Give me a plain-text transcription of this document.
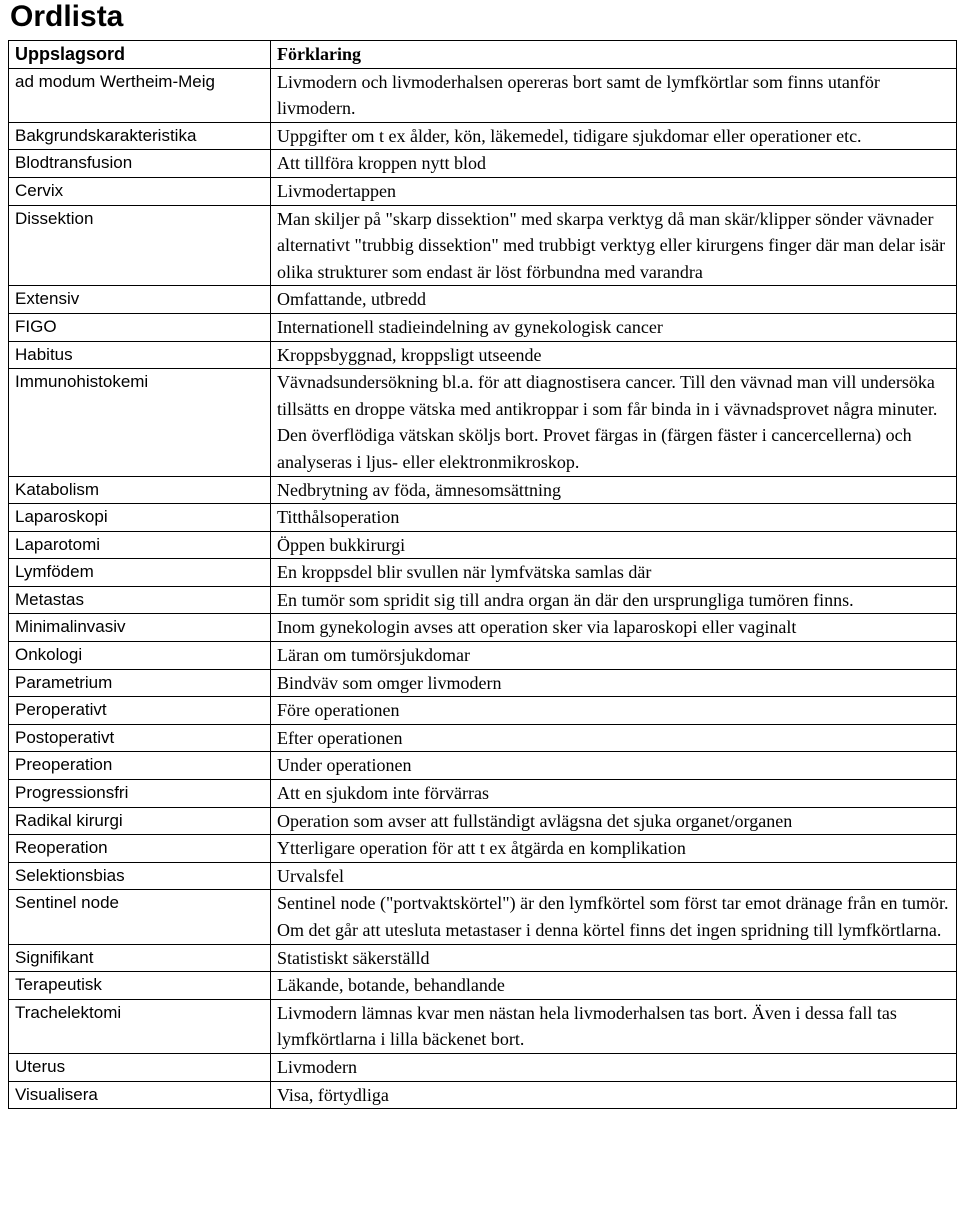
Ordlista
Uppslagsord	Förklaring
ad modum Wertheim-Meig	Livmodern och livmoderhalsen opereras bort samt de lymfkörtlar som finns utanför livmodern.
Bakgrundskarakteristika	Uppgifter om t ex ålder, kön, läkemedel, tidigare sjukdomar eller operationer etc.
Blodtransfusion	Att tillföra kroppen nytt blod
Cervix	Livmodertappen
Dissektion	Man skiljer på "skarp dissektion" med skarpa verktyg då man skär/klipper sönder vävnader alternativt "trubbig dissektion" med trubbigt verktyg eller kirurgens finger där man delar isär olika strukturer som endast är löst förbundna med varandra
Extensiv	Omfattande, utbredd
FIGO	Internationell stadieindelning av gynekologisk cancer
Habitus	Kroppsbyggnad, kroppsligt utseende
Immunohistokemi	Vävnadsundersökning bl.a. för att diagnostisera cancer. Till den vävnad man vill undersöka tillsätts en droppe vätska med antikroppar i som får binda in i vävnadsprovet några minuter. Den överflödiga vätskan sköljs bort. Provet färgas in (färgen fäster i cancercellerna) och analyseras i ljus- eller elektronmikroskop.
Katabolism	Nedbrytning av föda, ämnesomsättning
Laparoskopi	Titthålsoperation
Laparotomi	Öppen bukkirurgi
Lymfödem	En kroppsdel blir svullen när lymfvätska samlas där
Metastas	En tumör som spridit sig till andra organ än där den ursprungliga tumören finns.
Minimalinvasiv	Inom gynekologin avses att operation sker via laparoskopi eller vaginalt
Onkologi	Läran om tumörsjukdomar
Parametrium	Bindväv som omger livmodern
Peroperativt	Före operationen
Postoperativt	Efter operationen
Preoperation	Under operationen
Progressionsfri	Att en sjukdom inte förvärras
Radikal kirurgi	Operation som avser att fullständigt avlägsna det sjuka organet/organen
Reoperation	Ytterligare operation för att t ex åtgärda en komplikation
Selektionsbias	Urvalsfel
Sentinel node	Sentinel node ("portvaktskörtel") är den lymfkörtel som först tar emot dränage från en tumör. Om det går att utesluta metastaser i denna körtel finns det ingen spridning till lymfkörtlarna.
Signifikant	Statistiskt säkerställd
Terapeutisk	Läkande, botande, behandlande
Trachelektomi	Livmodern lämnas kvar men nästan hela livmoderhalsen tas bort. Även i dessa fall tas lymfkörtlarna i lilla bäckenet bort.
Uterus	Livmodern
Visualisera	Visa, förtydliga
